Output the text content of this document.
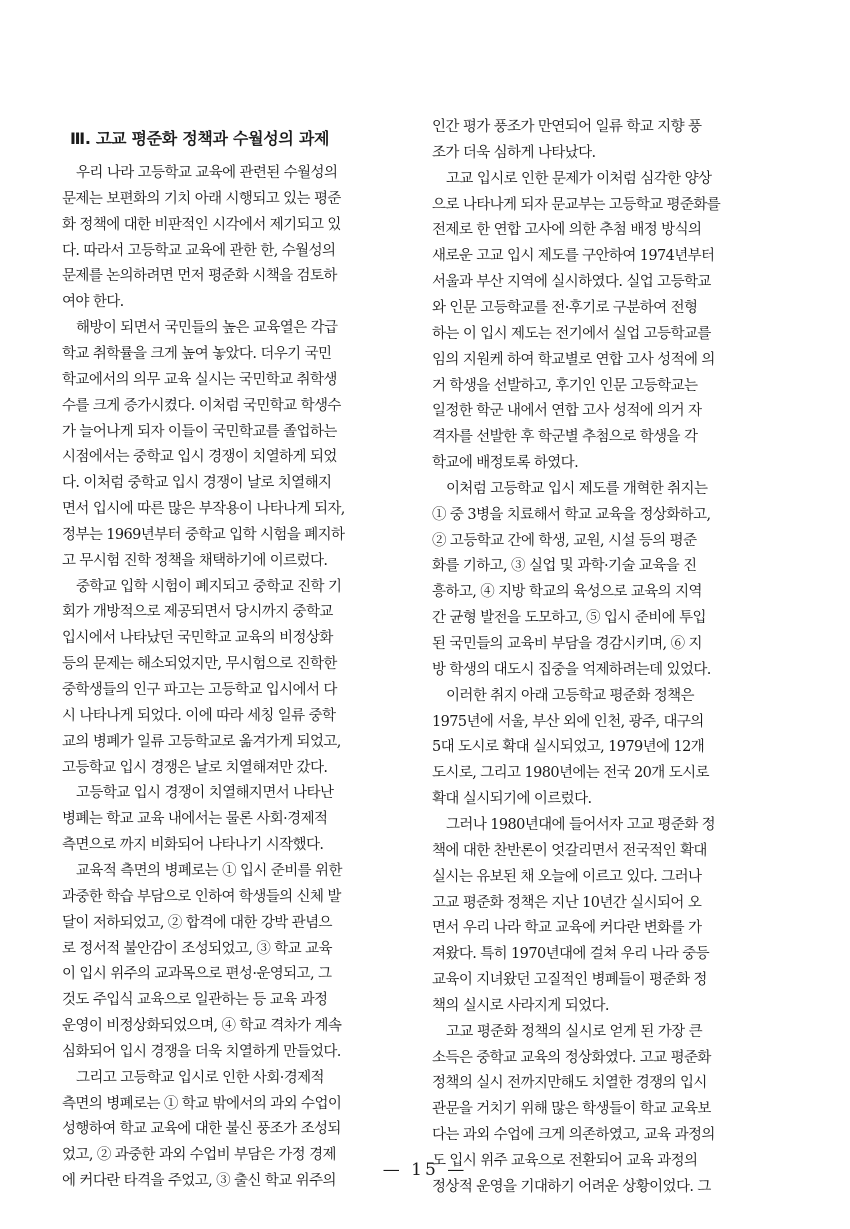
Ⅲ. 고교 평준화 정책과 수월성의 과제
우리 나라 고등학교 교육에 관련된 수월성의
문제는 보편화의 기치 아래 시행되고 있는 평준
화 정책에 대한 비판적인 시각에서 제기되고 있
다. 따라서 고등학교 교육에 관한 한, 수월성의
문제를 논의하려면 먼저 평준화 시책을 검토하
여야 한다.
해방이 되면서 국민들의 높은 교육열은 각급
학교 취학률을 크게 높여 놓았다. 더우기 국민
학교에서의 의무 교육 실시는 국민학교 취학생
수를 크게 증가시켰다. 이처럼 국민학교 학생수
가 늘어나게 되자 이들이 국민학교를 졸업하는
시점에서는 중학교 입시 경쟁이 치열하게 되었
다. 이처럼 중학교 입시 경쟁이 날로 치열해지
면서 입시에 따른 많은 부작용이 나타나게 되자,
정부는 1969년부터 중학교 입학 시험을 폐지하
고 무시험 진학 정책을 채택하기에 이르렀다.
중학교 입학 시험이 폐지되고 중학교 진학 기
회가 개방적으로 제공되면서 당시까지 중학교
입시에서 나타났던 국민학교 교육의 비정상화
등의 문제는 해소되었지만, 무시험으로 진학한
중학생들의 인구 파고는 고등학교 입시에서 다
시 나타나게 되었다. 이에 따라 세칭 일류 중학
교의 병폐가 일류 고등학교로 옮겨가게 되었고,
고등학교 입시 경쟁은 날로 치열해져만 갔다.
고등학교 입시 경쟁이 치열해지면서 나타난
병폐는 학교 교육 내에서는 물론 사회·경제적
측면으로 까지 비화되어 나타나기 시작했다.
교육적 측면의 병폐로는 ① 입시 준비를 위한
과중한 학습 부담으로 인하여 학생들의 신체 발
달이 저하되었고, ② 합격에 대한 강박 관념으
로 정서적 불안감이 조성되었고, ③ 학교 교육
이 입시 위주의 교과목으로 편성·운영되고, 그
것도 주입식 교육으로 일관하는 등 교육 과정
운영이 비정상화되었으며, ④ 학교 격차가 계속
심화되어 입시 경쟁을 더욱 치열하게 만들었다.
그리고 고등학교 입시로 인한 사회·경제적
측면의 병폐로는 ① 학교 밖에서의 과외 수업이
성행하여 학교 교육에 대한 불신 풍조가 조성되
었고, ② 과중한 과외 수업비 부담은 가정 경제
에 커다란 타격을 주었고, ③ 출신 학교 위주의
인간 평가 풍조가 만연되어 일류 학교 지향 풍
조가 더욱 심하게 나타났다.
고교 입시로 인한 문제가 이처럼 심각한 양상
으로 나타나게 되자 문교부는 고등학교 평준화를
전제로 한 연합 고사에 의한 추첨 배정 방식의
새로운 고교 입시 제도를 구안하여 1974년부터
서울과 부산 지역에 실시하였다. 실업 고등학교
와 인문 고등학교를 전·후기로 구분하여 전형
하는 이 입시 제도는 전기에서 실업 고등학교를
임의 지원케 하여 학교별로 연합 고사 성적에 의
거 학생을 선발하고, 후기인 인문 고등학교는
일정한 학군 내에서 연합 고사 성적에 의거 자
격자를 선발한 후 학군별 추첨으로 학생을 각
학교에 배정토록 하였다.
이처럼 고등학교 입시 제도를 개혁한 취지는
① 중 3병을 치료해서 학교 교육을 정상화하고,
② 고등학교 간에 학생, 교원, 시설 등의 평준
화를 기하고, ③ 실업 및 과학·기술 교육을 진
흥하고, ④ 지방 학교의 육성으로 교육의 지역
간 균형 발전을 도모하고, ⑤ 입시 준비에 투입
된 국민들의 교육비 부담을 경감시키며, ⑥ 지
방 학생의 대도시 집중을 억제하려는데 있었다.
이러한 취지 아래 고등학교 평준화 정책은
1975년에 서울, 부산 외에 인천, 광주, 대구의
5대 도시로 확대 실시되었고, 1979년에 12개
도시로, 그리고 1980년에는 전국 20개 도시로
확대 실시되기에 이르렀다.
그러나 1980년대에 들어서자 고교 평준화 정
책에 대한 찬반론이 엇갈리면서 전국적인 확대
실시는 유보된 채 오늘에 이르고 있다. 그러나
고교 평준화 정책은 지난 10년간 실시되어 오
면서 우리 나라 학교 교육에 커다란 변화를 가
져왔다. 특히 1970년대에 걸쳐 우리 나라 중등
교육이 지녀왔던 고질적인 병폐들이 평준화 정
책의 실시로 사라지게 되었다.
고교 평준화 정책의 실시로 얻게 된 가장 큰
소득은 중학교 교육의 정상화였다. 고교 평준화
정책의 실시 전까지만해도 치열한 경쟁의 입시
관문을 거치기 위해 많은 학생들이 학교 교육보
다는 과외 수업에 크게 의존하였고, 교육 과정의
도 입시 위주 교육으로 전환되어 교육 과정의
정상적 운영을 기대하기 어려운 상황이었다. 그
— 15 —
